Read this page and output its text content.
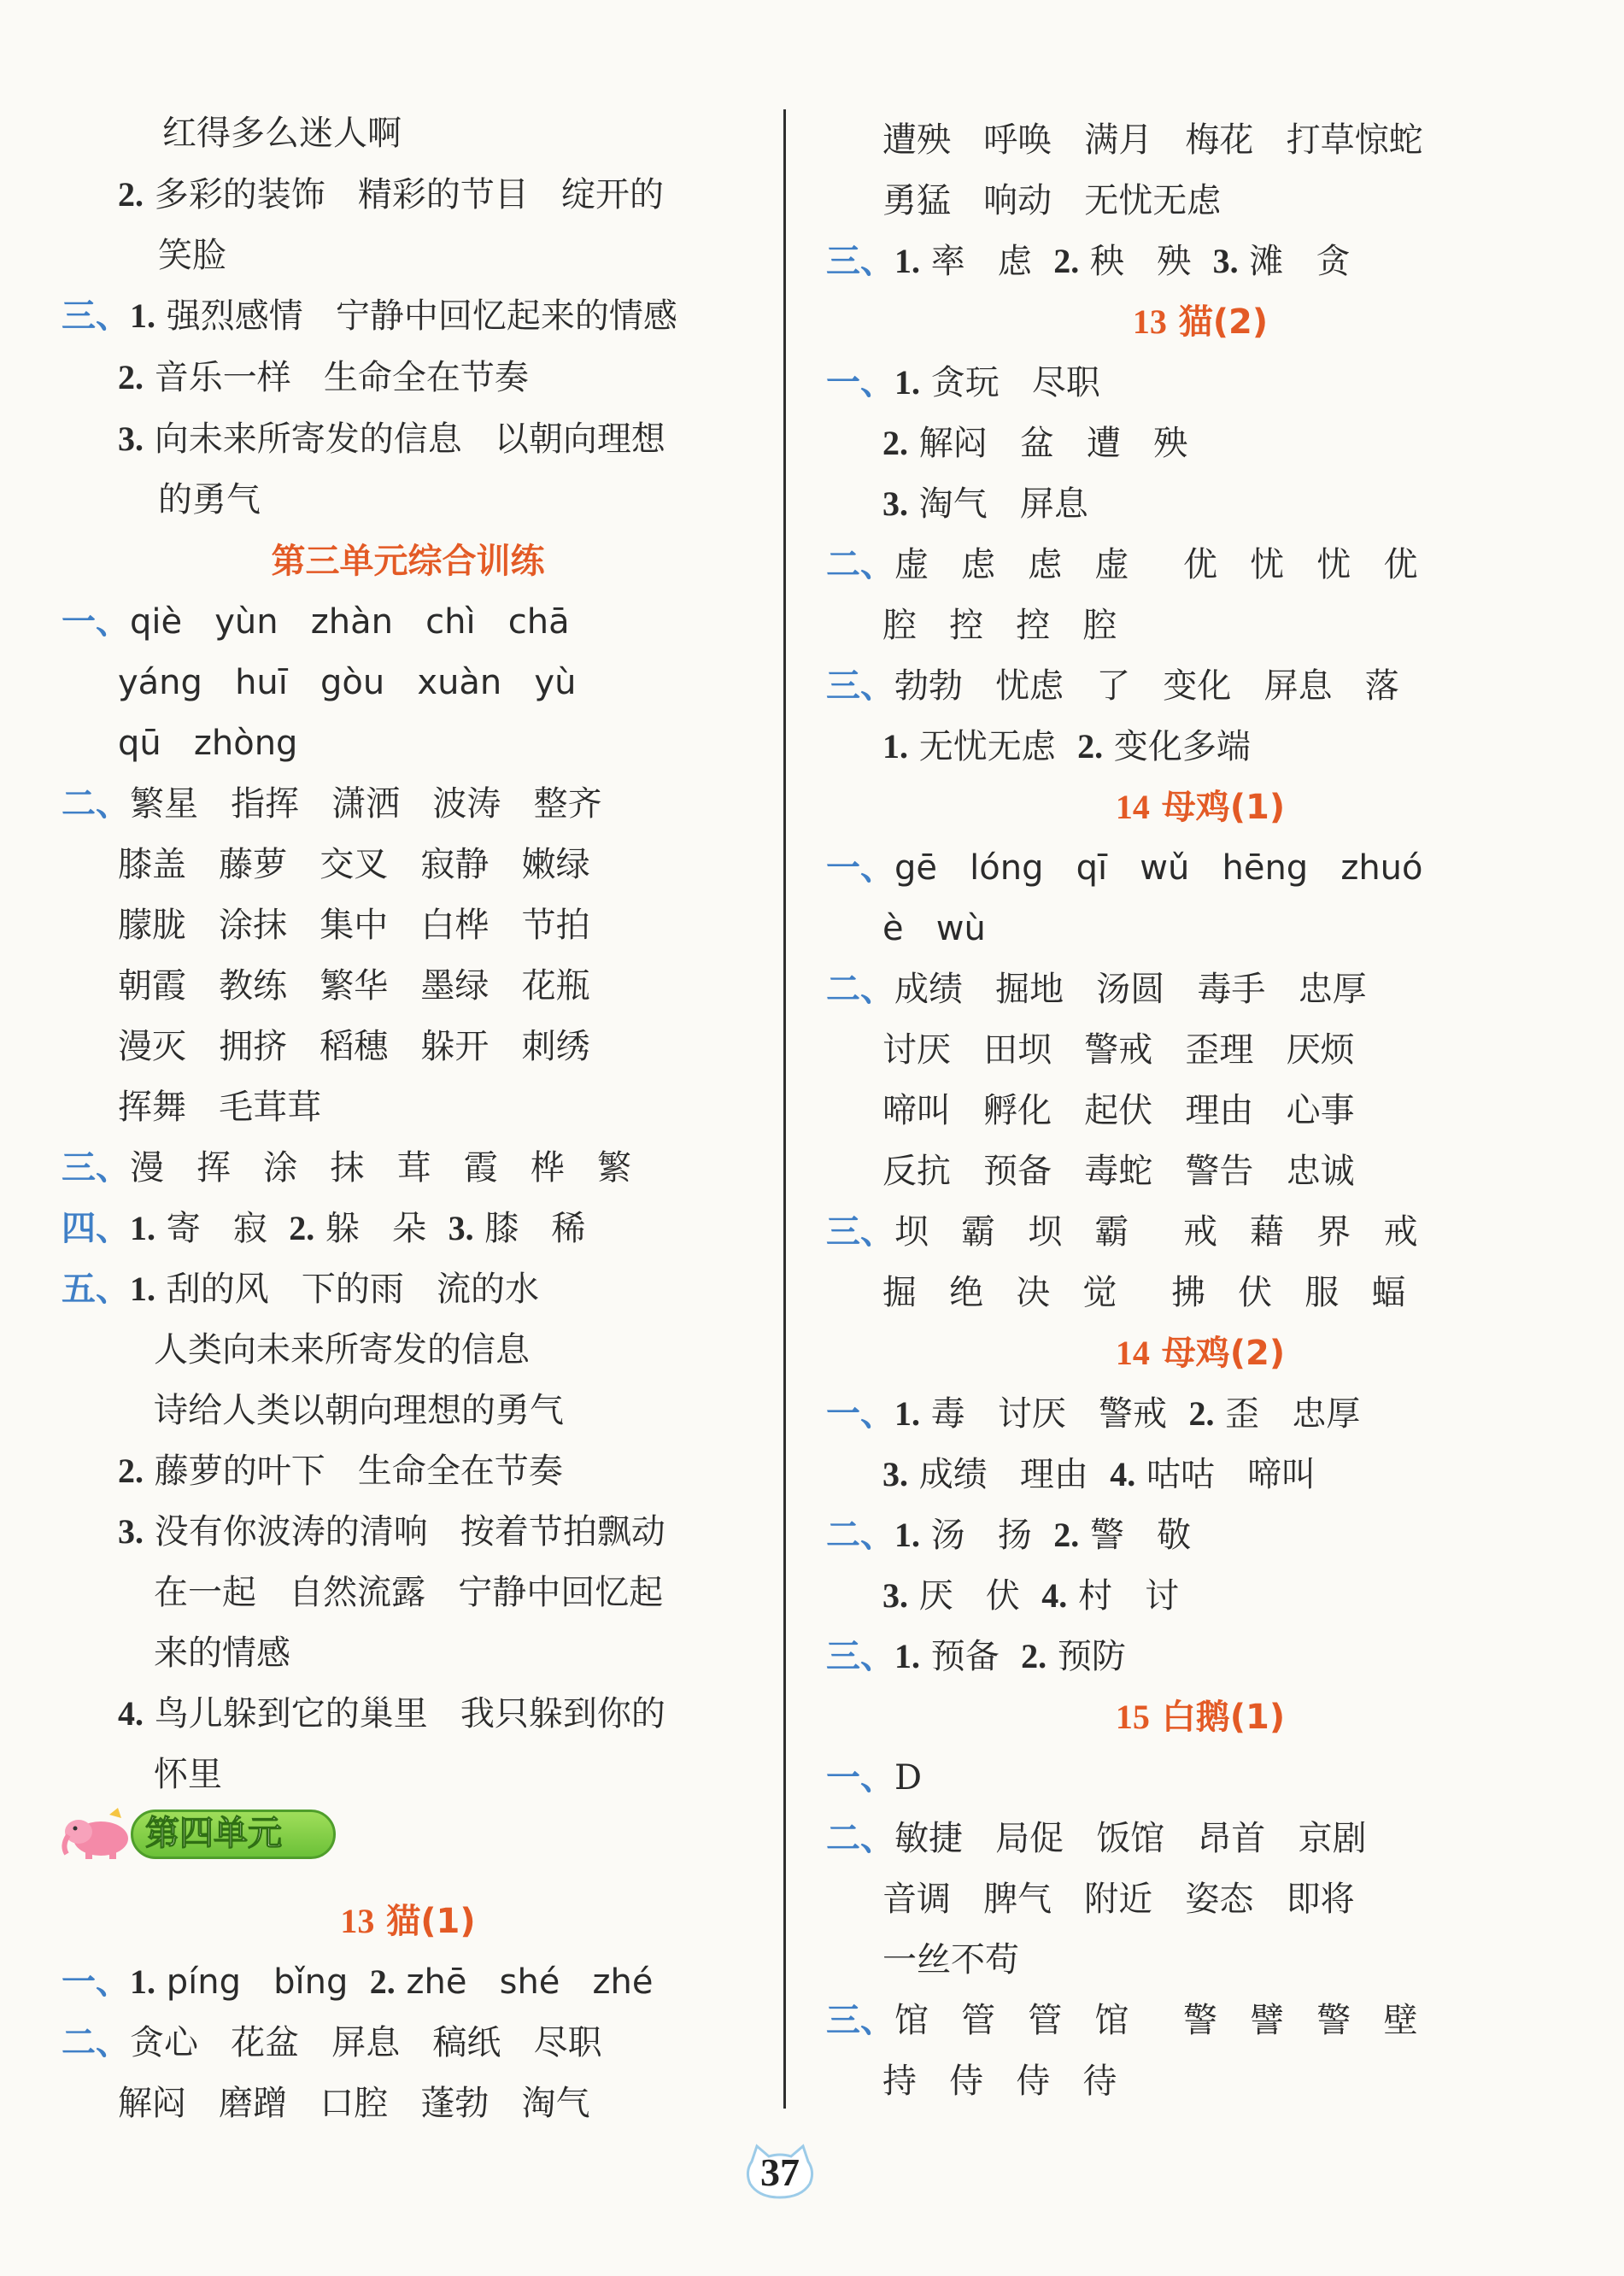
红得多么迷人啊
2. 多彩的装饰   精彩的节目   绽开的
笑脸
三、1. 强烈感情   宁静中回忆起来的情感
2. 音乐一样   生命全在节奏
3. 向未来所寄发的信息   以朝向理想
的勇气
一、qiè   yùn   zhàn   chì   chā
yáng   huī   gòu   xuàn   yù
qū   zhòng
二、繁星   指挥   潇洒   波涛   整齐
膝盖   藤萝   交叉   寂静   嫩绿
朦胧   涂抹   集中   白桦   节拍
朝霞   教练   繁华   墨绿   花瓶
漫灭   拥挤   稻穗   躲开   刺绣
挥舞   毛茸茸
三、漫   挥   涂   抹   茸   霞   桦   繁
四、1. 寄   寂  2. 躲   朵  3. 膝   稀
五、1. 刮的风   下的雨   流的水
人类向未来所寄发的信息
诗给人类以朝向理想的勇气
2. 藤萝的叶下   生命全在节奏
3. 没有你波涛的清响   按着节拍飘动
在一起   自然流露   宁静中回忆起
来的情感
4. 鸟儿躲到它的巢里   我只躲到你的
怀里
一、1. píng   bǐng  2. zhē   shé   zhé
二、贪心   花盆   屏息   稿纸   尽职
解闷   磨蹭   口腔   蓬勃   淘气
第三单元综合训练
13 猫(1)
遭殃   呼唤   满月   梅花   打草惊蛇
勇猛   响动   无忧无虑
三、1. 率   虑  2. 秧   殃  3. 滩   贪
一、1. 贪玩   尽职
2. 解闷   盆   遭   殃
3. 淘气   屏息
二、虚   虑   虑   虚     优   忧   忧   优
腔   控   控   腔
三、勃勃   忧虑   了   变化   屏息   落
1. 无忧无虑  2. 变化多端
一、gē   lóng   qī   wǔ   hēng   zhuó
è   wù
二、成绩   掘地   汤圆   毒手   忠厚
讨厌   田坝   警戒   歪理   厌烦
啼叫   孵化   起伏   理由   心事
反抗   预备   毒蛇   警告   忠诚
三、坝   霸   坝   霸     戒   藉   界   戒
掘   绝   决   觉     拂   伏   服   蝠
一、1. 毒   讨厌   警戒  2. 歪   忠厚
3. 成绩   理由  4. 咕咕   啼叫
二、1. 汤   扬  2. 警   敬
3. 厌   伏  4. 村   讨
三、1. 预备  2. 预防
一、D
二、敏捷   局促   饭馆   昂首   京剧
音调   脾气   附近   姿态   即将
一丝不苟
三、馆   管   管   馆     警   譬   警   壁
持   侍   侍   待
13 猫(2)
14 母鸡(1)
14 母鸡(2)
15 白鹅(1)
第四单元
37
